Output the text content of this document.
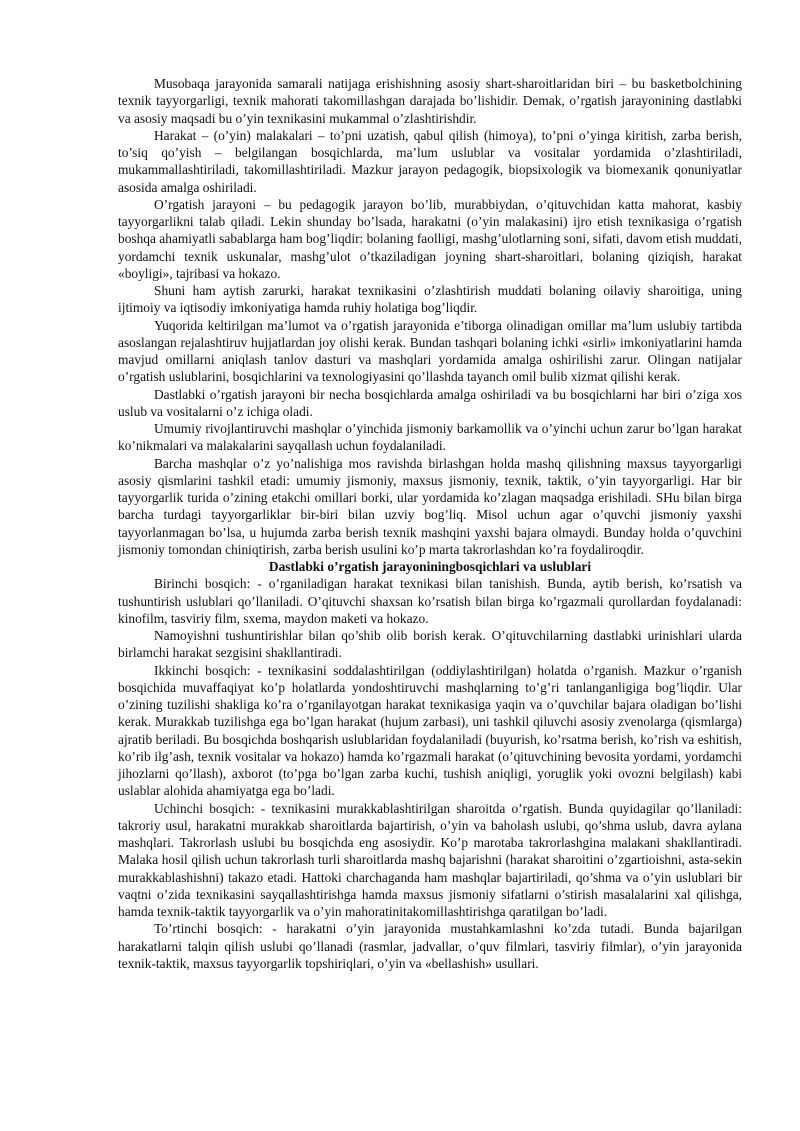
Musobaqa jarayonida samarali natijaga erishishning asosiy shart-sharoitlaridan biri – bu basketbolchining texnik tayyorgarligi, texnik mahorati takomillashgan darajada bo’lishidir. Demak, o’rgatish jarayonining dastlabki va asosiy maqsadi bu o’yin texnikasini mukammal o’zlashtirishdir.

Harakat – (o’yin) malakalari – to’pni uzatish, qabul qilish (himoya), to’pni o’yinga kiritish, zarba berish, to’siq qo’yish – belgilangan bosqichlarda, ma’lum uslublar va vositalar yordamida o’zlashtiriladi, mukammallashtiriladi, takomillashtiriladi. Mazkur jarayon pedagogik, biopsixologik va biomexanik qonuniyatlar asosida amalga oshiriladi.

O’rgatish jarayoni – bu pedagogik jarayon bo’lib, murabbiydan, o’qituvchidan katta mahorat, kasbiy tayyorgarlikni talab qiladi. Lekin shunday bo’lsada, harakatni (o’yin malakasini) ijro etish texnikasiga o’rgatish boshqa ahamiyatli sabablarga ham bog’liqdir: bolaning faolligi, mashg’ulotlarning soni, sifati, davom etish muddati, yordamchi texnik uskunalar, mashg’ulot o’tkaziladigan joyning shart-sharoitlari, bolaning qiziqish, harakat «boyligi», tajribasi va hokazo.

Shuni ham aytish zarurki, harakat texnikasini o’zlashtirish muddati bolaning oilaviy sharoitiga, uning ijtimoiy va iqtisodiy imkoniyatiga hamda ruhiy holatiga bog’liqdir.

Yuqorida keltirilgan ma’lumot va o’rgatish jarayonida e’tiborga olinadigan omillar ma’lum uslubiy tartibda asoslangan rejalashtiruv hujjatlardan joy olishi kerak. Bundan tashqari bolaning ichki «sirli» imkoniyatlarini hamda mavjud omillarni aniqlash tanlov dasturi va mashqlari yordamida amalga oshirilishi zarur. Olingan natijalar o’rgatish uslublarini, bosqichlarini va texnologiyasini qo’llashda tayanch omil bulib xizmat qilishi kerak.

Dastlabki o’rgatish jarayoni bir necha bosqichlarda amalga oshiriladi va bu bosqichlarni har biri o’ziga xos uslub va vositalarni o’z ichiga oladi.

Umumiy rivojlantiruvchi mashqlar o’yinchida jismoniy barkamollik va o’yinchi uchun zarur bo’lgan harakat ko’nikmalari va malakalarini sayqallash uchun foydalaniladi.

Barcha mashqlar o’z yo’nalishiga mos ravishda birlashgan holda mashq qilishning maxsus tayyorgarligi asosiy qismlarini tashkil etadi: umumiy jismoniy, maxsus jismoniy, texnik, taktik, o’yin tayyorgarligi. Har bir tayyorgarlik turida o’zining etakchi omillari borki, ular yordamida ko’zlagan maqsadga erishiladi. SHu bilan birga barcha turdagi tayyorgarliklar bir-biri bilan uzviy bog’liq. Misol uchun agar o’quvchi jismoniy yaxshi tayyorlanmagan bo’lsa, u hujumda zarba berish texnik mashqini yaxshi bajara olmaydi. Bunday holda o’quvchini jismoniy tomondan chiniqtirish, zarba berish usulini ko’p marta takrorlashdan ko’ra foydaliroqdir.

Dastlabki o’rgatish jarayoniningbosqichlari va uslublari

Birinchi bosqich: - o’rganiladigan harakat texnikasi bilan tanishish. Bunda, aytib berish, ko’rsatish va tushuntirish uslublari qo’llaniladi. O’qituvchi shaxsan ko’rsatish bilan birga ko’rgazmali qurollardan foydalanadi: kinofilm, tasviriy film, sxema, maydon maketi va hokazo.

Namoyishni tushuntirishlar bilan qo’shib olib borish kerak. O’qituvchilarning dastlabki urinishlari ularda birlamchi harakat sezgisini shakllantiradi.

Ikkinchi bosqich: - texnikasini soddalashtirilgan (oddiylashtirilgan) holatda o’rganish. Mazkur o’rganish bosqichida muvaffaqiyat ko’p holatlarda yondoshtiruvchi mashqlarning to’g’ri tanlanganligiga bog’liqdir. Ular o’zining tuzilishi shakliga ko’ra o’rganilayotgan harakat texnikasiga yaqin va o’quvchilar bajara oladigan bo’lishi kerak. Murakkab tuzilishga ega bo’lgan harakat (hujum zarbasi), uni tashkil qiluvchi asosiy zvenolarga (qismlarga) ajratib beriladi. Bu bosqichda boshqarish uslublaridan foydalaniladi (buyurish, ko’rsatma berish, ko’rish va eshitish, ko’rib ilg’ash, texnik vositalar va hokazo) hamda ko’rgazmali harakat (o’qituvchining bevosita yordami, yordamchi jihozlarni qo’llash), axborot (to’pga bo’lgan zarba kuchi, tushish aniqligi, yoruglik yoki ovozni belgilash) kabi uslablar alohida ahamiyatga ega bo’ladi.

Uchinchi bosqich: - texnikasini murakkablashtirilgan sharoitda o’rgatish. Bunda quyidagilar qo’llaniladi: takroriy usul, harakatni murakkab sharoitlarda bajartirish, o’yin va baholash uslubi, qo’shma uslub, davra aylana mashqlari. Takrorlash uslubi bu bosqichda eng asosiydir. Ko’p marotaba takrorlashgina malakani shakllantiradi. Malaka hosil qilish uchun takrorlash turli sharoitlarda mashq bajarishni (harakat sharoitini o’zgartioishni, asta-sekin murakkablashishni) takazo etadi. Hattoki charchaganda ham mashqlar bajartiriladi, qo’shma va o’yin uslublari bir vaqtni o’zida texnikasini sayqallashtirishga hamda maxsus jismoniy sifatlarni o’stirish masalalarini xal qilishga, hamda texnik-taktik tayyorgarlik va o’yin mahoratinitakomillashtirishga qaratilgan bo’ladi.

To’rtinchi bosqich: - harakatni o’yin jarayonida mustahkamlashni ko’zda tutadi. Bunda bajarilgan harakatlarni talqin qilish uslubi qo’llanadi (rasmlar, jadvallar, o’quv filmlari, tasviriy filmlar), o’yin jarayonida texnik-taktik, maxsus tayyorgarlik topshiriqlari, o’yin va «bellashish» usullari.
